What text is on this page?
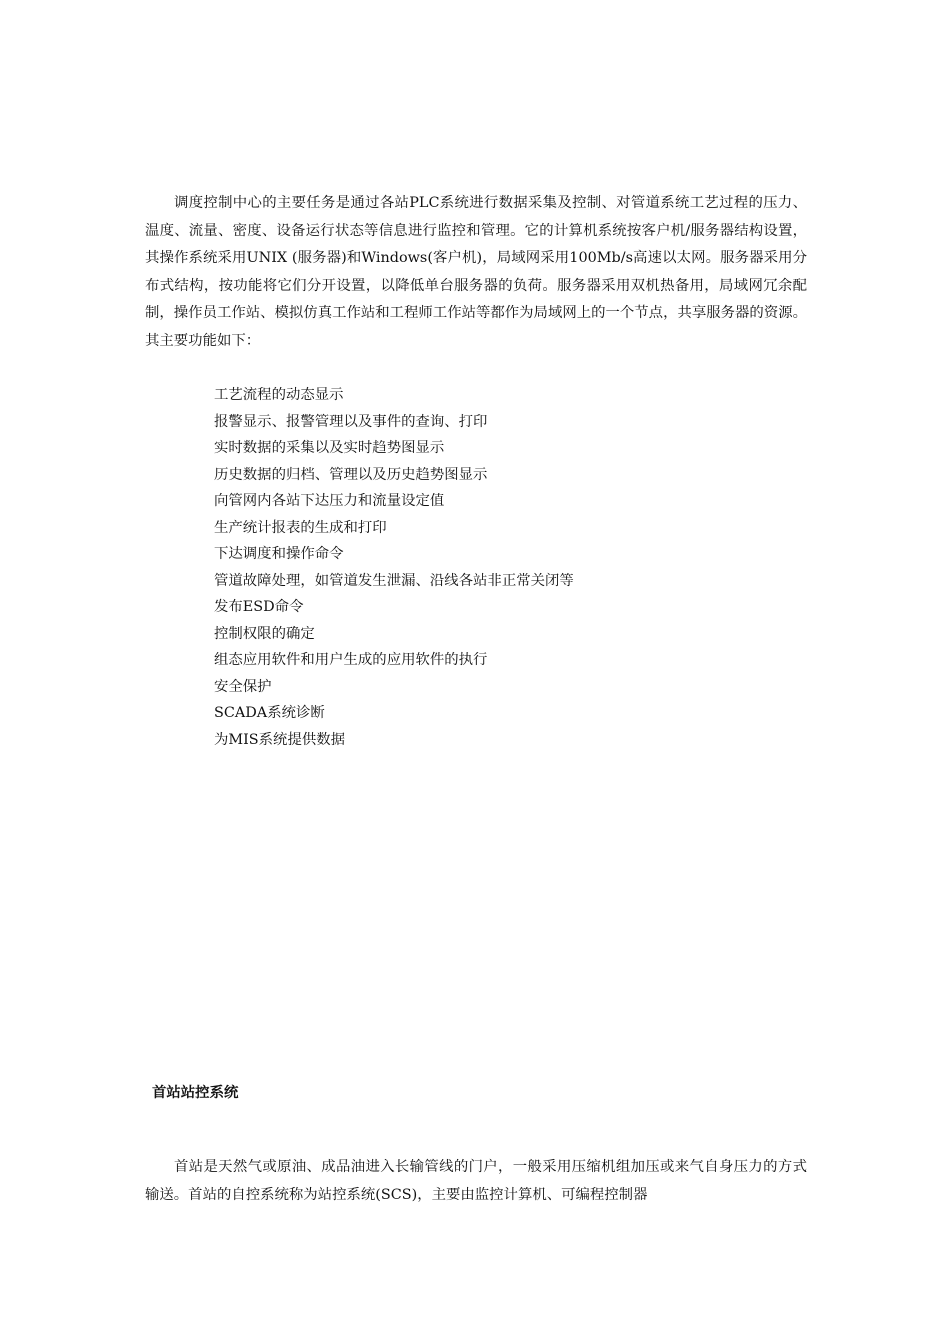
调度控制中心的主要任务是通过各站PLC系统进行数据采集及控制、对管道系统工艺过程的压力、温度、流量、密度、设备运行状态等信息进行监控和管理。它的计算机系统按客户机/服务器结构设置，其操作系统采用UNIX (服务器)和Windows(客户机)，局域网采用100Mb/s高速以太网。服务器采用分布式结构，按功能将它们分开设置，以降低单台服务器的负荷。服务器采用双机热备用，局域网冗余配制，操作员工作站、模拟仿真工作站和工程师工作站等都作为局域网上的一个节点，共享服务器的资源。其主要功能如下：

工艺流程的动态显示
报警显示、报警管理以及事件的查询、打印
实时数据的采集以及实时趋势图显示
历史数据的归档、管理以及历史趋势图显示
向管网内各站下达压力和流量设定值
生产统计报表的生成和打印
下达调度和操作命令
管道故障处理，如管道发生泄漏、沿线各站非正常关闭等
发布ESD命令
控制权限的确定
组态应用软件和用户生成的应用软件的执行
安全保护
SCADA系统诊断
为MIS系统提供数据
首站站控系统

首站是天然气或原油、成品油进入长输管线的门户，一般采用压缩机组加压或来气自身压力的方式输送。首站的自控系统称为站控系统(SCS)，主要由监控计算机、可编程控制器
